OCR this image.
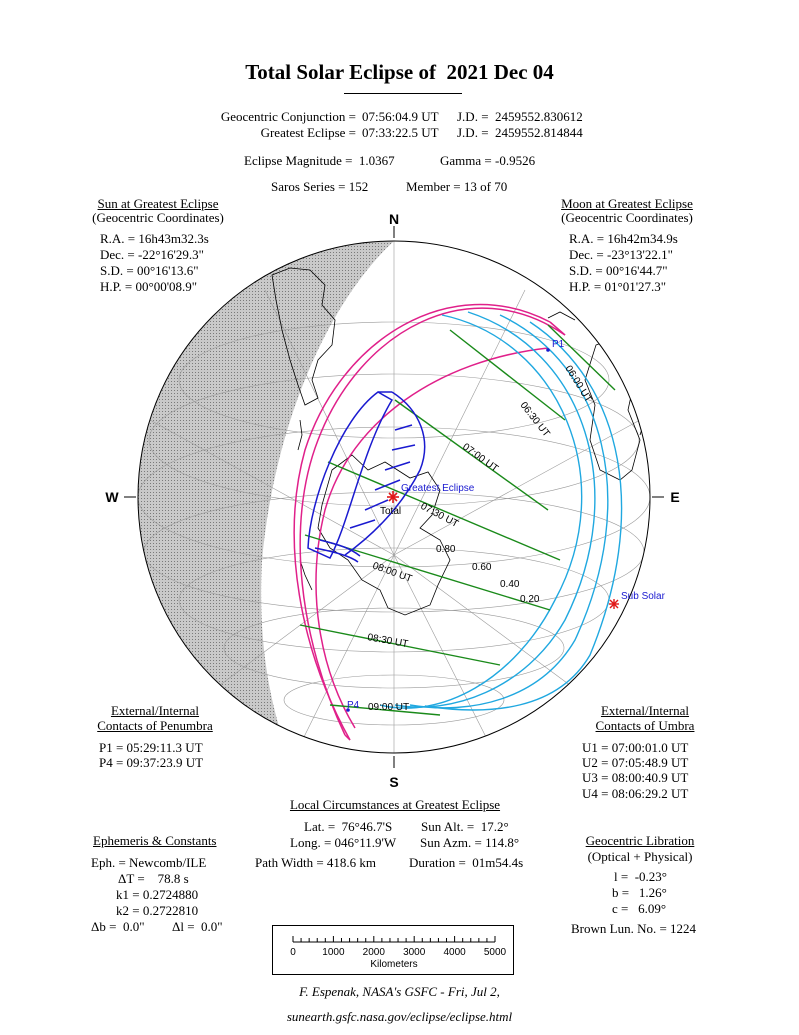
Total Solar Eclipse of  2021 Dec 04
Geocentric Conjunction = 07:56:04.9 UT J.D. =  2459552.830612
Greatest Eclipse = 07:33:22.5 UT J.D. =  2459552.814844
Eclipse Magnitude =  1.0367	Gamma = -0.9526
Saros Series = 152	Member = 13 of 70
Sun at Greatest Eclipse
(Geocentric Coordinates)
R.A. = 16h43m32.3s
Dec. = -22°16'29.3"
S.D. = 00°16'13.6"
H.P. = 00°00'08.9"
Moon at Greatest Eclipse
(Geocentric Coordinates)
R.A. = 16h42m34.9s
Dec. = -23°13'22.1"
S.D. = 00°16'44.7"
H.P. = 01°01'27.3"
N
S
W	E
06:00 UT
06:30 UT
07:00 UT
07:30 UT
08:00 UT
08:30 UT
09:00 UT
0.80
0.60
0.40
0.20
P1
P4
Greatest Eclipse
Total
Sub Solar
External/Internal
Contacts of Penumbra
P1 = 05:29:11.3 UT
P4 = 09:37:23.9 UT
External/Internal
Contacts of Umbra
U1 = 07:00:01.0 UT
U2 = 07:05:48.9 UT
U3 = 08:00:40.9 UT
U4 = 08:06:29.2 UT
Local Circumstances at Greatest Eclipse
Lat. =  76°46.7'S
Long. = 046°11.9'W
Sun Alt. =  17.2°
Sun Azm. = 114.8°
Path Width = 418.6 km	Duration =  01m54.4s
Ephemeris & Constants
Eph. = Newcomb/ILE
ΔT =    78.8 s
k1 = 0.2724880
k2 = 0.2722810
Δb =  0.0" Δl =  0.0"
Geocentric Libration
(Optical + Physical)
l =  -0.23°
b =   1.26°
c =   6.09°
Brown Lun. No. = 1224
0	1000 2000 3000 4000 5000
Kilometers
F. Espenak, NASA's GSFC - Fri, Jul 2,
sunearth.gsfc.nasa.gov/eclipse/eclipse.html
